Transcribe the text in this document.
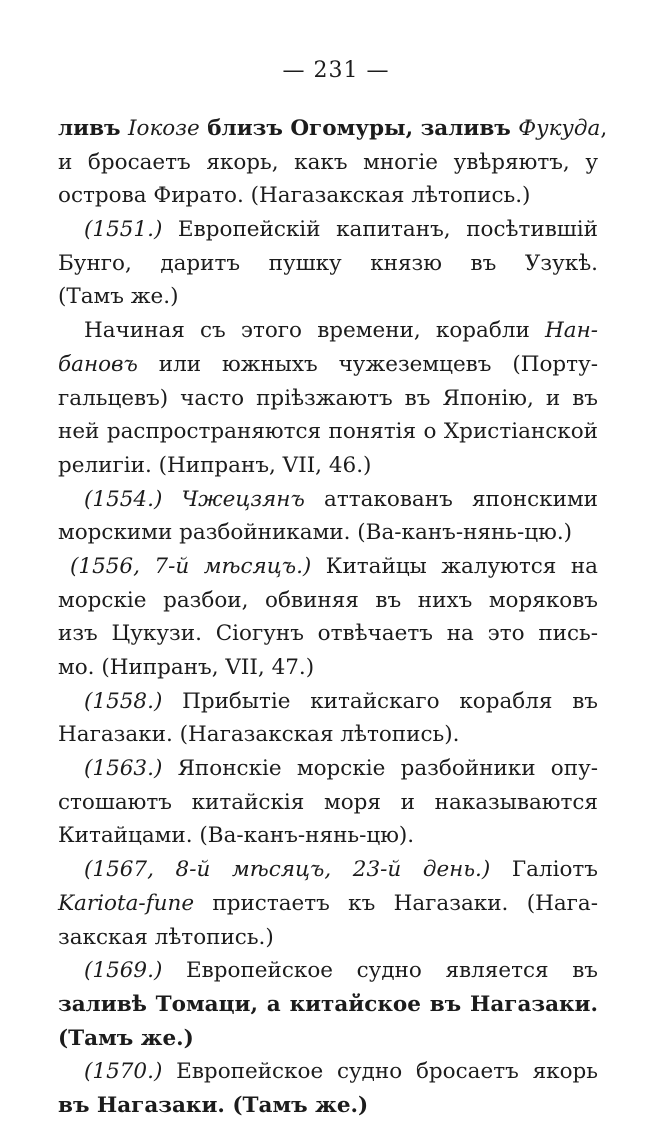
— 231 —
ливъ Іокозе близъ Огомуры, заливъ Фукуда,
и бросаетъ якорь, какъ многіе увѣряютъ, у
острова Фирато. (Нагазакская лѣтопись.)
(1551.) Европейскій капитанъ, посѣтившій
Бунго, даритъ пушку князю въ Узукѣ.
(Тамъ же.)
Начиная съ этого времени, корабли Нан-
бановъ или южныхъ чужеземцевъ (Порту-
гальцевъ) часто пріѣзжаютъ въ Японію, и въ
ней распространяются понятія о Христіанской
религіи. (Нипранъ, VII, 46.)
(1554.) Чжецзянъ аттакованъ японскими
морскими разбойниками. (Ва-канъ-нянь-цю.)
(1556, 7-й мѣсяцъ.) Китайцы жалуются на
морскіе разбои, обвиняя въ нихъ моряковъ
изъ Цукузи. Сіогунъ отвѣчаетъ на это пись-
мо. (Нипранъ, VII, 47.)
(1558.) Прибытіе китайскаго корабля въ
Нагазаки. (Нагазакская лѣтопись).
(1563.) Японскіе морскіе разбойники опу-
стошаютъ китайскія моря и наказываются
Китайцами. (Ва-канъ-нянь-цю).
(1567, 8-й мѣсяцъ, 23-й день.) Галіотъ
Kariota-fune пристаетъ къ Нагазаки. (Нага-
закская лѣтопись.)
(1569.) Европейское судно является въ
заливѣ Томаци, а китайское въ Нагазаки.
(Тамъ же.)
(1570.) Европейское судно бросаетъ якорь
въ Нагазаки. (Тамъ же.)
